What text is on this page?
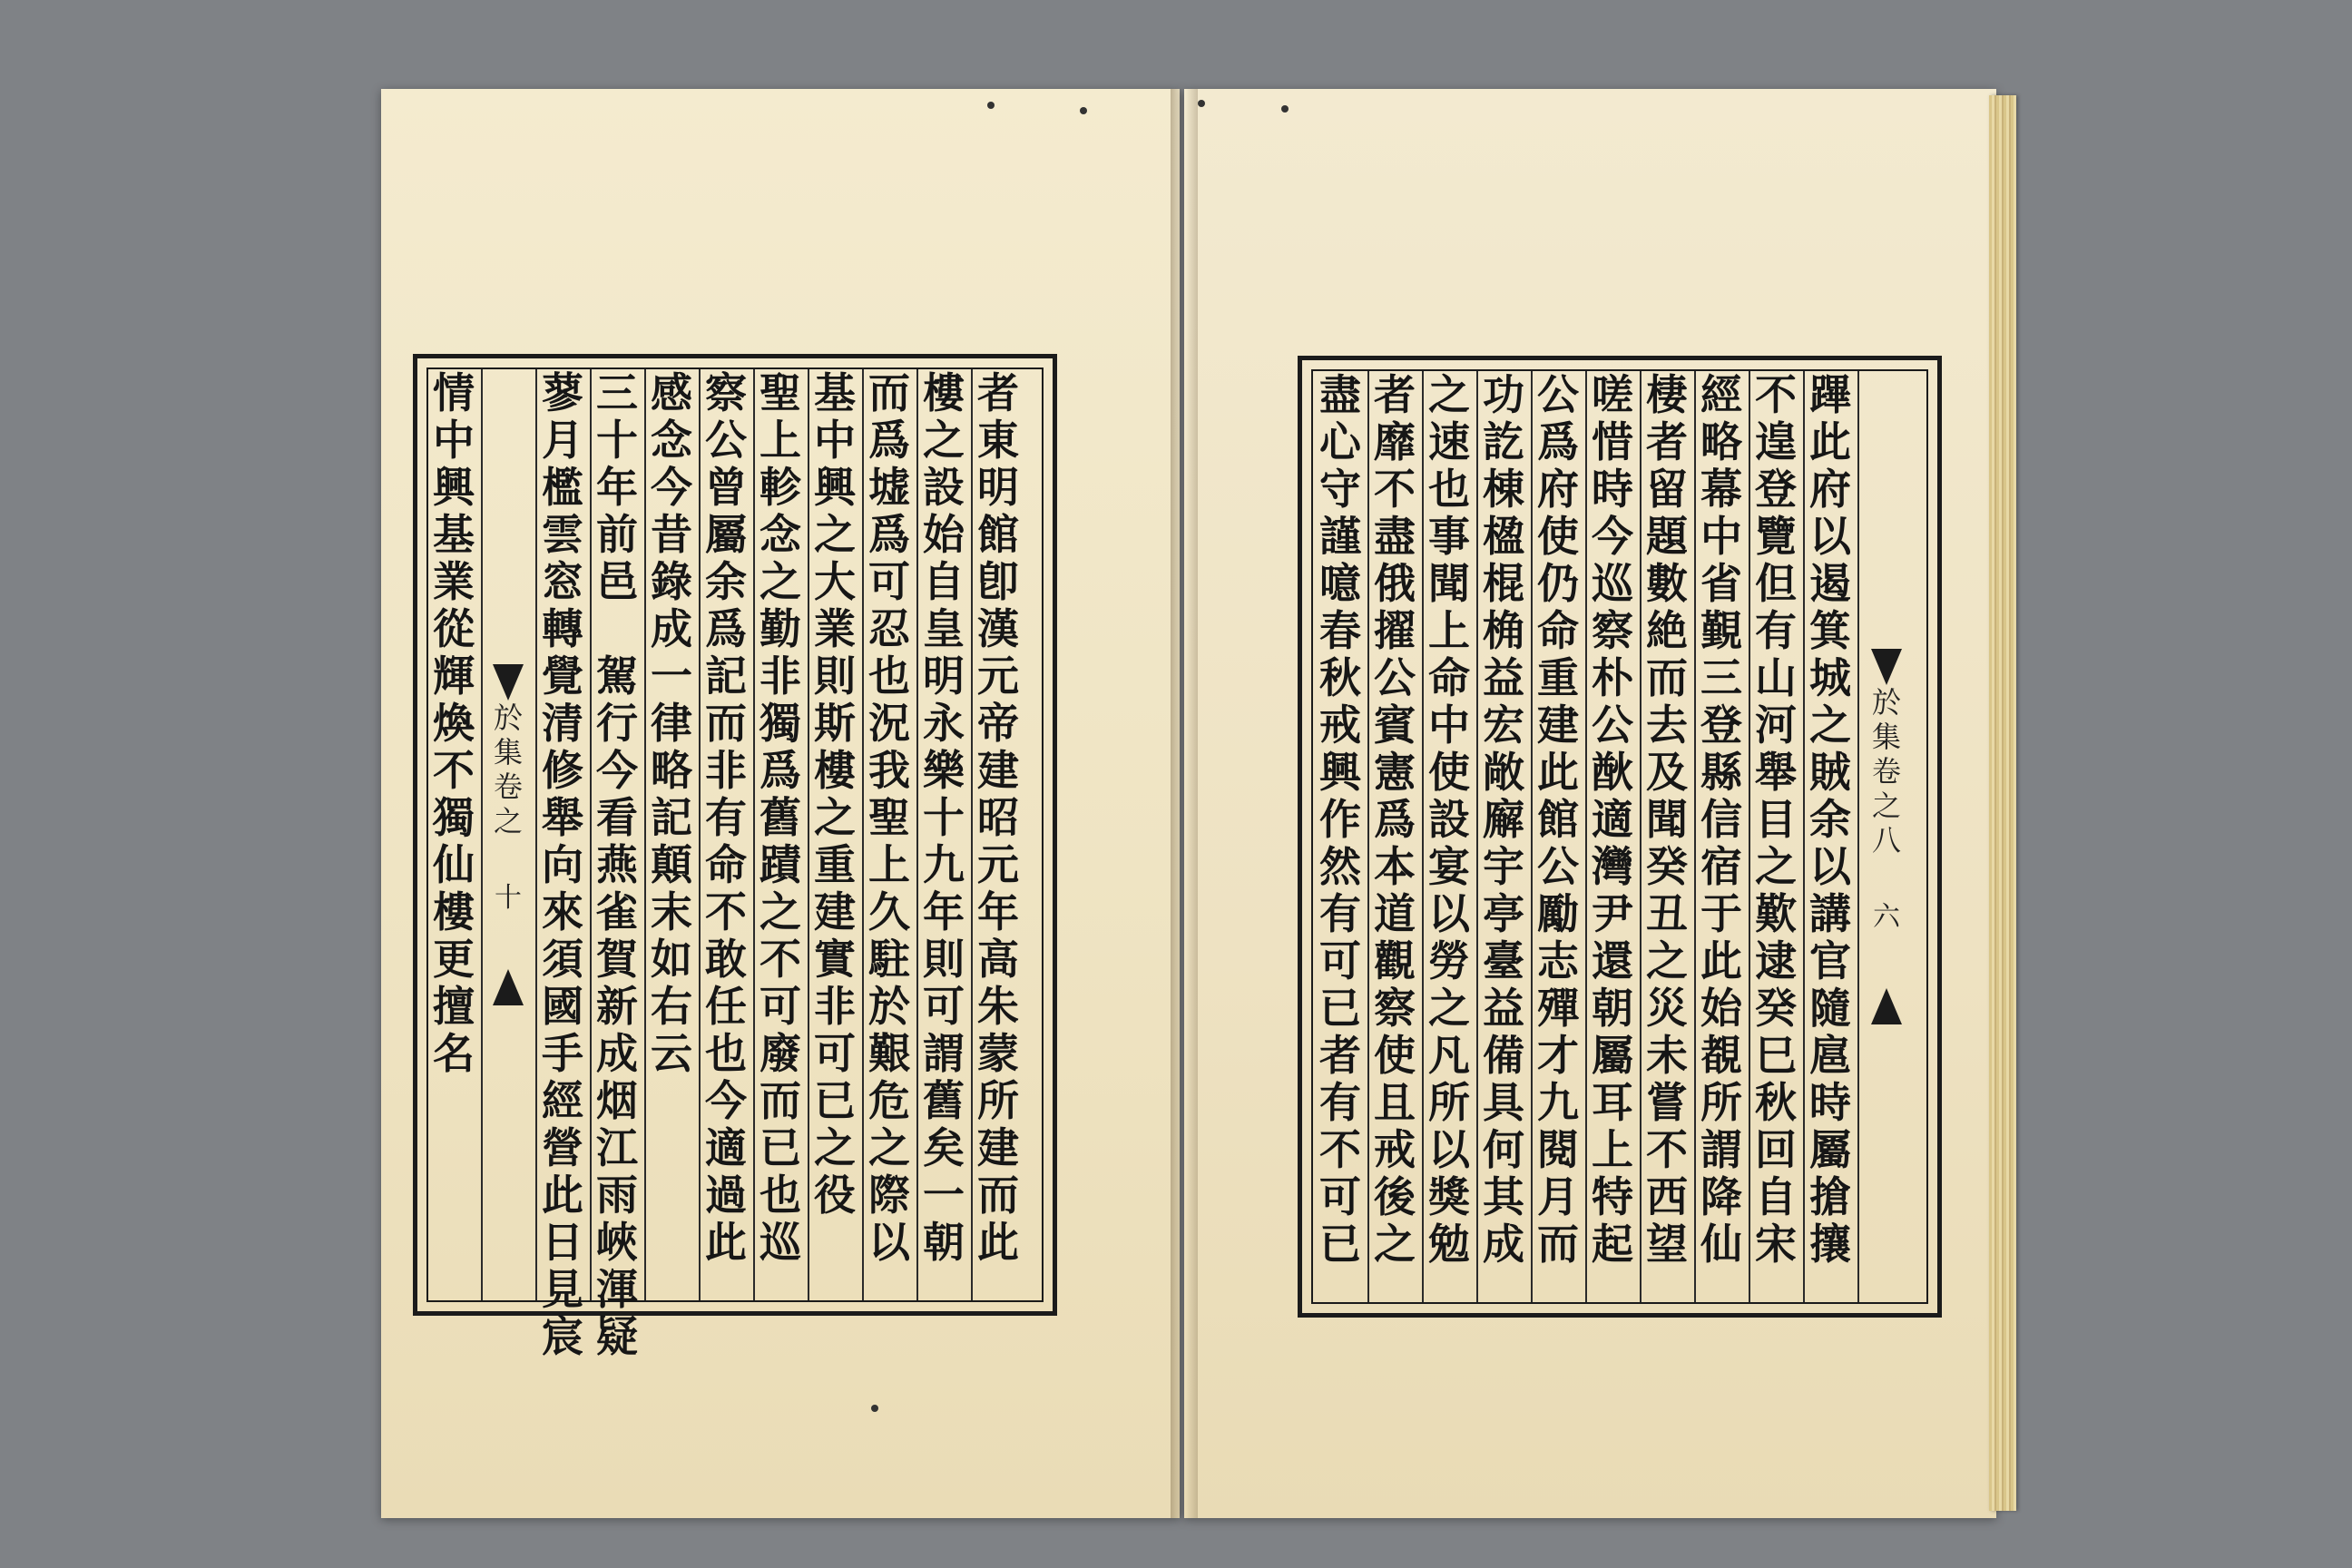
情
中
興
基
業
從
輝
煥
不
獨
仙
樓
更
擅
名
於
集
卷
之
十
蓼
月
檻
雲
窓
轉
覺
清
修
舉
向
來
須
國
手
經
營
此
日
見
宸
三
十
年
前
邑

駕
行
今
看
燕
雀
賀
新
成
烟
江
雨
峽
渾
疑
感
念
今
昔
錄
成
一
律
略
記
顛
末
如
右
云
察
公
曾
屬
余
爲
記
而
非
有
命
不
敢
任
也
今
適
過
此
聖
上
軫
念
之
勤
非
獨
爲
舊
蹟
之
不
可
廢
而
已
也
巡
基
中
興
之
大
業
則
斯
樓
之
重
建
實
非
可
已
之
役
而
爲
墟
爲
可
忍
也
況
我
聖
上
久
駐
於
艱
危
之
際
以
樓
之
設
始
自
皇
明
永
樂
十
九
年
則
可
謂
舊
矣
一
朝
者
東
明
館
卽
漢
元
帝
建
昭
元
年
高
朱
蒙
所
建
而
此
盡
心
守
謹
噫
春
秋
戒
興
作
然
有
可
已
者
有
不
可
已
者
靡
不
盡
俄
擢
公
賓
憲
爲
本
道
觀
察
使
且
戒
後
之
之
速
也
事
聞
上
命
中
使
設
宴
以
勞
之
凡
所
以
獎
勉
功
訖
棟
楹
棍
桷
益
宏
敞
廨
宇
亭
臺
益
備
具
何
其
成
公
爲
府
使
仍
命
重
建
此
館
公
勵
志
殫
才
九
閱
月
而
嗟
惜
時
今
巡
察
朴
公
㷕
適
灣
尹
還
朝
屬
耳
上
特
起
棲
者
留
題
數
絶
而
去
及
聞
癸
丑
之
災
未
嘗
不
西
望
經
略
幕
中
省
覲
三
登
縣
信
宿
于
此
始
覩
所
謂
降
仙
不
遑
登
覽
但
有
山
河
舉
目
之
歎
逮
癸
巳
秋
回
自
宋
蹕
此
府
以
遏
箕
城
之
賊
余
以
講
官
隨
扈
時
屬
搶
攘
於
集
卷
之
八
六
